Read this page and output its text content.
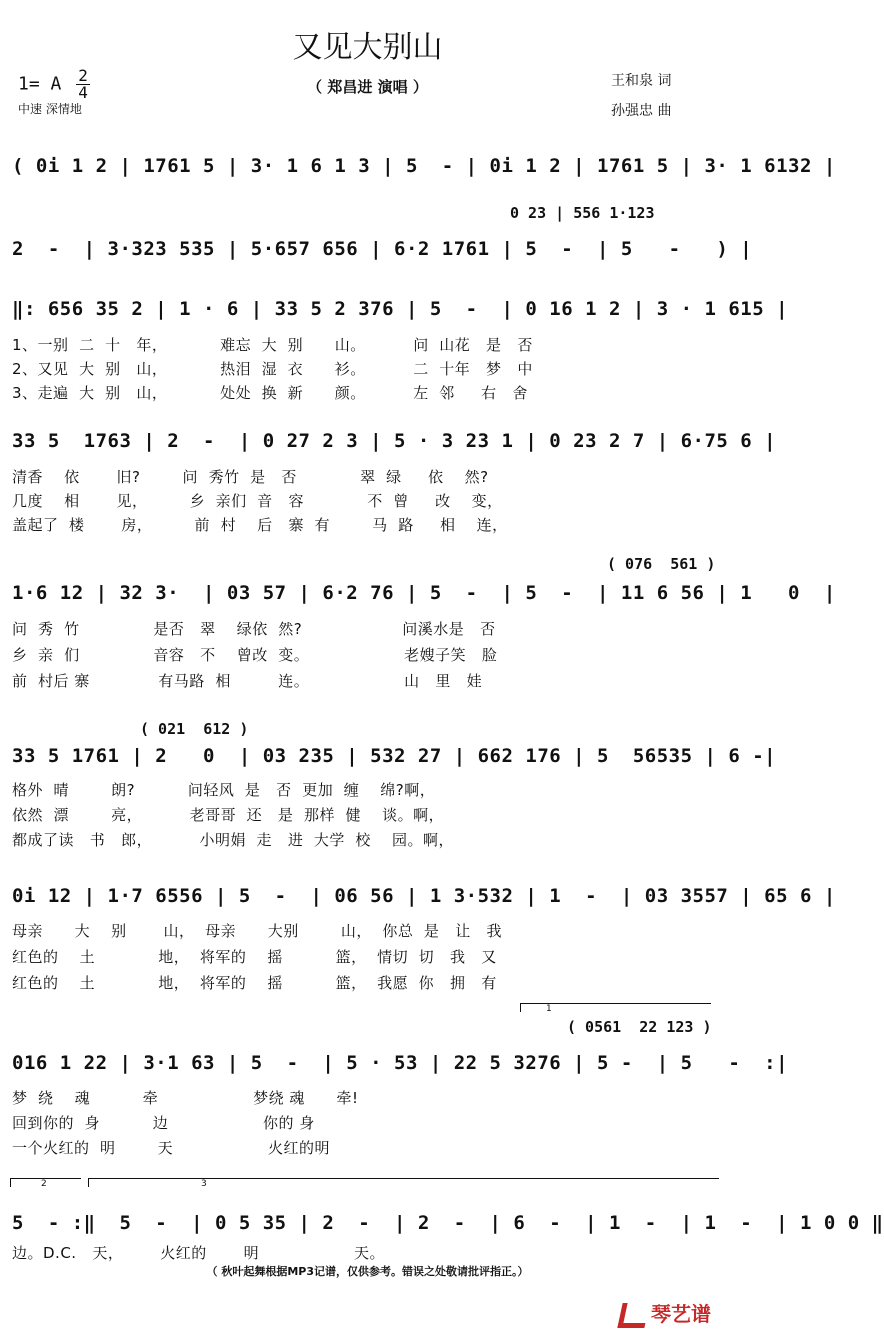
又见大别山
（ 郑昌进 演唱 ）
1= A $\frac{2}{4}$
中速 深情地
王和泉 词
孙强忠 曲
( 0i 1 2 | 1761 5 | 3· 1 6 1 3 | 5  - | 0i 1 2 | 1761 5 | 3· 1 6132 |
2  -  | 3·323 535 | 5·657 656 | 6·2 1761 | 5  -  | 5   -   ) |
‖: 656 35 2 | 1 · 6 | 33 5 2 376 | 5  -  | 0 16 1 2 | 3 · 1 615 |
33 5  1763 | 2  -  | 0 27 2 3 | 5 · 3 23 1 | 0 23 2 7 | 6·75 6 |
1·6 12 | 32 3·  | 03 57 | 6·2 76 | 5  -  | 5  -  | 11 6 56 | 1   0  |
33 5 1761 | 2   0  | 03 235 | 532 27 | 662 176 | 5  56535 | 6 -|
0i 12 | 1·7 6556 | 5  -  | 06 56 | 1 3·532 | 1  -  | 03 3557 | 65 6 |
016 1 22 | 3·1 63 | 5  -  | 5 · 53 | 22 5 3276 | 5 -  | 5   -  :|
5  - :‖  5  -  | 0 5 35 | 2  -  | 2  -  | 6  -  | 1  -  | 1  -  | 1 0 0 ‖
1、一别  二  十   年，          难忘  大  别      山。         问  山花   是   否
2、又见  大  别   山，          热泪  湿  衣      衫。         二  十年   梦   中
3、走遍  大  别   山，          处处  换  新      颜。         左  邻     右   舍
清香    依       旧?        问  秀竹  是   否            翠  绿     依    然?
几度    相       见，        乡  亲们  音   容            不  曾     改    变，
盖起了  楼       房，        前  村    后   寨  有        马  路     相    连，
问  秀  竹              是否   翠    绿依  然?                   问溪水是   否
乡  亲  们              音容   不    曾改  变。                  老嫂子笑   脸
前  村后 寨             有马路  相         连。                  山   里   娃
格外  晴        朗?          问轻风  是   否  更加  缠    绵?啊，
依然  漂        亮，         老哥哥  还   是  那样  健    谈。啊，
都成了读   书   郎，         小明娟  走   进  大学  校    园。啊，
母亲      大    别       山，  母亲      大别        山，  你总  是   让   我
红色的    土            地，  将军的    摇          篮，  情切  切   我   又
红色的    土            地，  将军的    摇          篮，  我愿  你   拥   有
梦  绕    魂          牵                  梦绕 魂      牵!
回到你的  身          边                  你的 身
一个火红的  明        天                  火红的明
边。D.C.   天，       火红的       明                  天。
0 23 | 556 1·123
( 076  561 )
( 021  612 )
( 0561  22 123 )
1
2	3
（ 秋叶起舞根据MP3记谱，仅供参考。错误之处敬请批评指正。）
琴艺谱
